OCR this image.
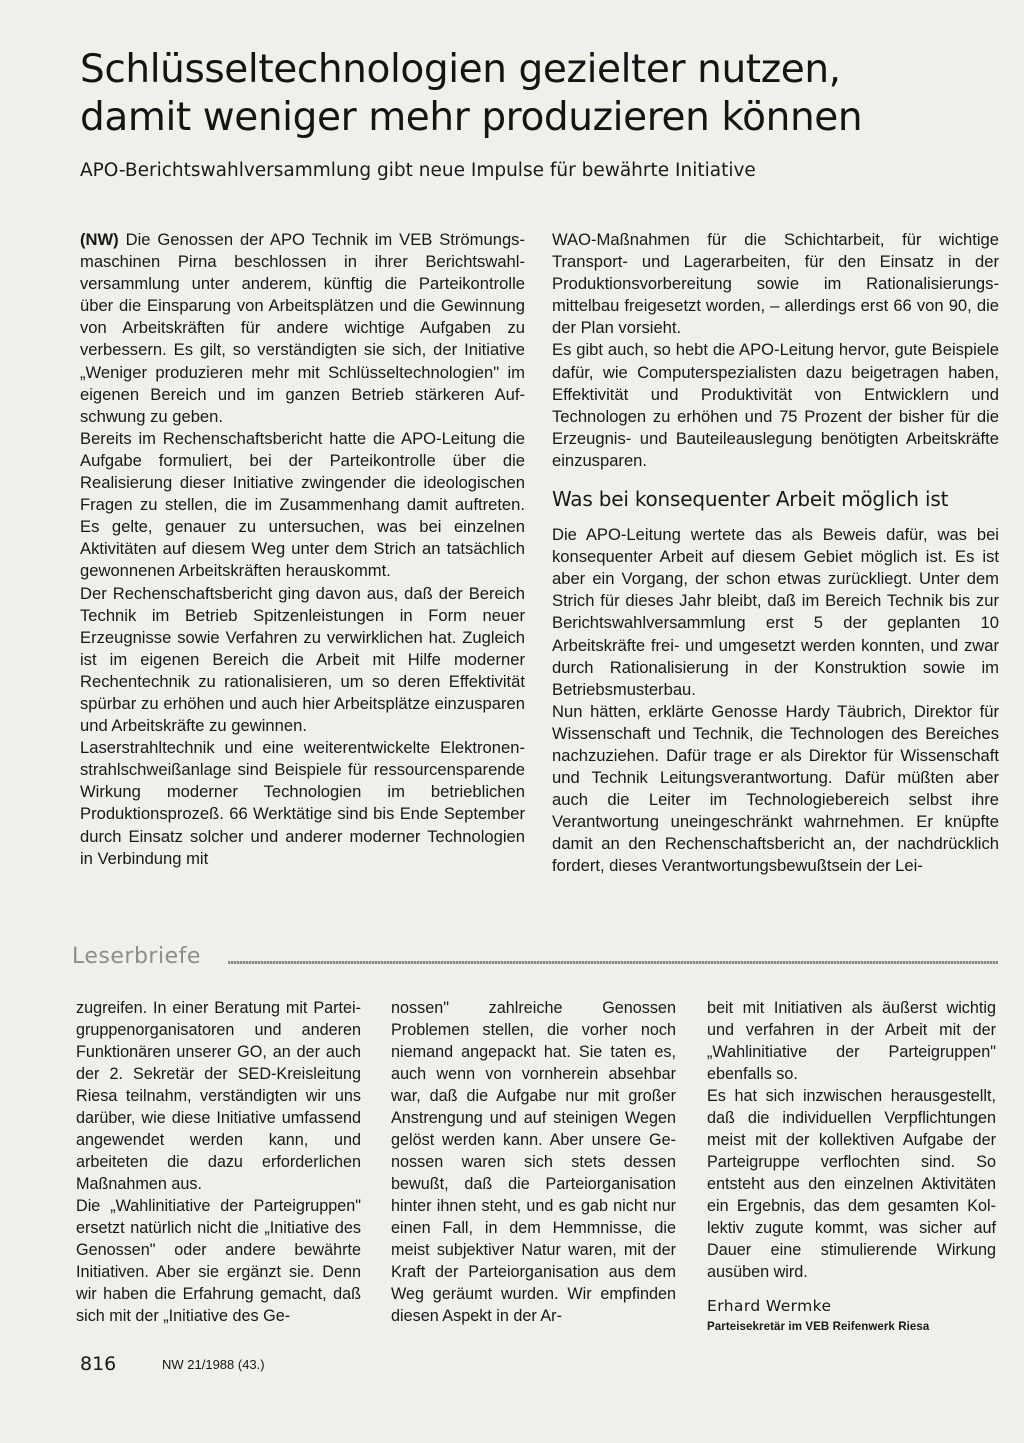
Schlüsseltechnologien gezielter nutzen,
damit weniger mehr produzieren können
APO-Berichtswahlversammlung gibt neue Impulse für bewährte Initiative

(NW) Die Genossen der APO Technik im VEB Strömungsmaschinen Pirna beschlossen in ihrer Berichtswahlversammlung unter anderem, künftig die Parteikontrolle über die Einsparung von Arbeitsplätzen und die Gewinnung von Arbeitskräften für andere wichtige Aufgaben zu verbessern. Es gilt, so verständigten sie sich, der Initiative „Weniger produzieren mehr mit Schlüsseltechnologien" im eigenen Bereich und im ganzen Betrieb stärkeren Aufschwung zu geben.

Bereits im Rechenschaftsbericht hatte die APO-Leitung die Aufgabe formuliert, bei der Parteikontrolle über die Realisierung dieser Initiative zwingender die ideologischen Fragen zu stellen, die im Zusammenhang damit auftreten. Es gelte, genauer zu untersuchen, was bei einzelnen Aktivitäten auf diesem Weg unter dem Strich an tatsächlich gewonnenen Arbeitskräften herauskommt.

Der Rechenschaftsbericht ging davon aus, daß der Bereich Technik im Betrieb Spitzenleistungen in Form neuer Erzeugnisse sowie Verfahren zu verwirklichen hat. Zugleich ist im eigenen Bereich die Arbeit mit Hilfe moderner Rechentechnik zu rationalisieren, um so deren Effektivität spürbar zu erhöhen und auch hier Arbeitsplätze einzusparen und Arbeitskräfte zu gewinnen.

Laserstrahltechnik und eine weiterentwickelte Elektronenstrahlschweißanlage sind Beispiele für ressourcensparende Wirkung moderner Technologien im betrieblichen Produktionsprozeß. 66 Werktätige sind bis Ende September durch Einsatz solcher und anderer moderner Technologien in Verbindung mit

WAO-Maßnahmen für die Schichtarbeit, für wichtige Transport- und Lagerarbeiten, für den Einsatz in der Produktionsvorbereitung sowie im Rationalisierungsmittelbau freigesetzt worden, – allerdings erst 66 von 90, die der Plan vorsieht.

Es gibt auch, so hebt die APO-Leitung hervor, gute Beispiele dafür, wie Computerspezialisten dazu beigetragen haben, Effektivität und Produktivität von Entwicklern und Technologen zu erhöhen und 75 Prozent der bisher für die Erzeugnis- und Bauteileauslegung benötigten Arbeitskräfte einzusparen.

Was bei konsequenter Arbeit möglich ist

Die APO-Leitung wertete das als Beweis dafür, was bei konsequenter Arbeit auf diesem Gebiet möglich ist. Es ist aber ein Vorgang, der schon etwas zurückliegt. Unter dem Strich für dieses Jahr bleibt, daß im Bereich Technik bis zur Berichtswahlversammlung erst 5 der geplanten 10 Arbeitskräfte frei- und umgesetzt werden konnten, und zwar durch Rationalisierung in der Konstruktion sowie im Betriebsmusterbau.

Nun hätten, erklärte Genosse Hardy Täubrich, Direktor für Wissenschaft und Technik, die Technologen des Bereiches nachzuziehen. Dafür trage er als Direktor für Wissenschaft und Technik Leitungsverantwortung. Dafür müßten aber auch die Leiter im Technologiebereich selbst ihre Verantwortung uneingeschränkt wahrnehmen. Er knüpfte damit an den Rechenschaftsbericht an, der nachdrücklich fordert, dieses Verantwortungsbewußtsein der Lei-

Leserbriefe

zugreifen. In einer Beratung mit Parteigruppenorganisatoren und anderen Funktionären unserer GO, an der auch der 2. Sekretär der SED-Kreisleitung Riesa teilnahm, verständigten wir uns darüber, wie diese Initiative umfassend angewendet werden kann, und arbeiteten die dazu erforderlichen Maßnahmen aus.

Die „Wahlinitiative der Parteigruppen" ersetzt natürlich nicht die „Initiative des Genossen" oder andere bewährte Initiativen. Aber sie ergänzt sie. Denn wir haben die Erfahrung gemacht, daß sich mit der „Initiative des Ge-

nossen" zahlreiche Genossen Problemen stellen, die vorher noch niemand angepackt hat. Sie taten es, auch wenn von vornherein absehbar war, daß die Aufgabe nur mit großer Anstrengung und auf steinigen Wegen gelöst werden kann. Aber unsere Genossen waren sich stets dessen bewußt, daß die Parteiorganisation hinter ihnen steht, und es gab nicht nur einen Fall, in dem Hemmnisse, die meist subjektiver Natur waren, mit der Kraft der Parteiorganisation aus dem Weg geräumt wurden. Wir empfinden diesen Aspekt in der Ar-

beit mit Initiativen als äußerst wichtig und verfahren in der Arbeit mit der „Wahlinitiative der Parteigruppen" ebenfalls so.

Es hat sich inzwischen herausgestellt, daß die individuellen Verpflichtungen meist mit der kollektiven Aufgabe der Parteigruppe verflochten sind. So entsteht aus den einzelnen Aktivitäten ein Ergebnis, das dem gesamten Kollektiv zugute kommt, was sicher auf Dauer eine stimulierende Wirkung ausüben wird.

Erhard Wermke

Parteisekretär im VEB Reifenwerk Riesa

816	NW 21/1988 (43.)
